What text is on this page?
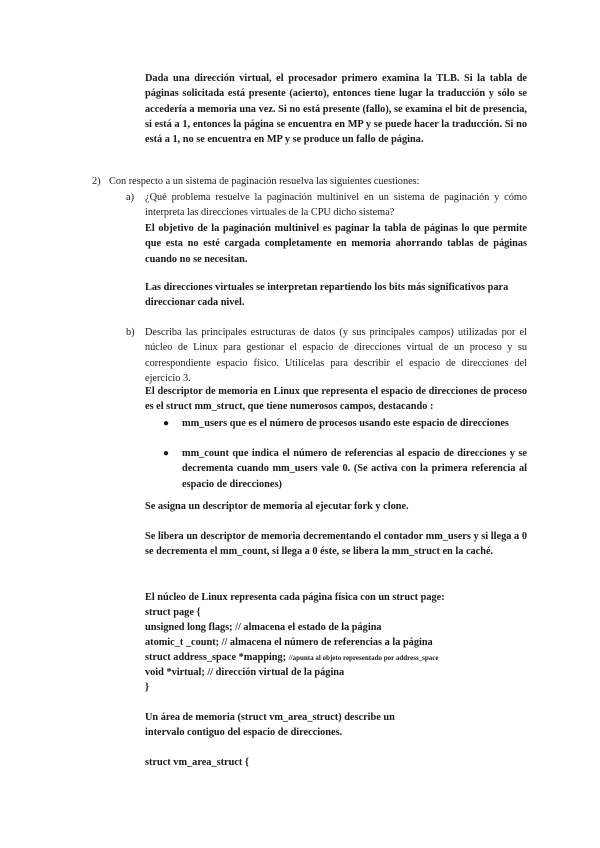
Dada una dirección virtual, el procesador primero examina la TLB. Si la tabla de páginas solicitada está presente (acierto), entonces tiene lugar la traducción y sólo se accedería a memoria una vez. Si no está presente (fallo), se examina el bit de presencia, si está a 1, entonces la página se encuentra en MP y se puede hacer la traducción. Si no está a 1, no se encuentra en MP y se produce un fallo de página.
2) Con respecto a un sistema de paginación resuelva las siguientes cuestiones:
a) ¿Qué problema resuelve la paginación multinivel en un sistema de paginación y cómo interpreta las direcciones virtuales de la CPU dicho sistema?
El objetivo de la paginación multinivel es paginar la tabla de páginas lo que permite que esta no esté cargada completamente en memoria ahorrando tablas de páginas cuando no se necesitan.
Las direcciones virtuales se interpretan repartiendo los bits más significativos para direccionar cada nivel.
b) Describa las principales estructuras de datos (y sus principales campos) utilizadas por el núcleo de Linux para gestionar el espacio de direcciones virtual de un proceso y su correspondiente espacio físico. Utilícelas para describir el espacio de direcciones del ejercicio 3.
El descriptor de memoria en Linux que representa el espacio de direcciones de proceso es el struct mm_struct, que tiene numerosos campos, destacando :
● mm_users que es el número de procesos usando este espacio de direcciones
● mm_count que indica el número de referencias al espacio de direcciones y se decrementa cuando mm_users vale 0. (Se activa con la primera referencia al espacio de direcciones)
Se asigna un descriptor de memoria al ejecutar fork y clone.
Se libera un descriptor de memoria decrementando el contador mm_users y si llega a 0 se decrementa el mm_count, si llega a 0 éste, se libera la mm_struct en la caché.
El núcleo de Linux representa cada página física con un struct page:
struct page {
unsigned long flags; // almacena el estado de la página
atomic_t _count; // almacena el número de referencias a la página
struct address_space *mapping; //apunta al objeto representado por address_space
void *virtual; // dirección virtual de la página
}
Un área de memoria (struct vm_area_struct) describe un intervalo contiguo del espacio de direcciones.
struct vm_area_struct {
